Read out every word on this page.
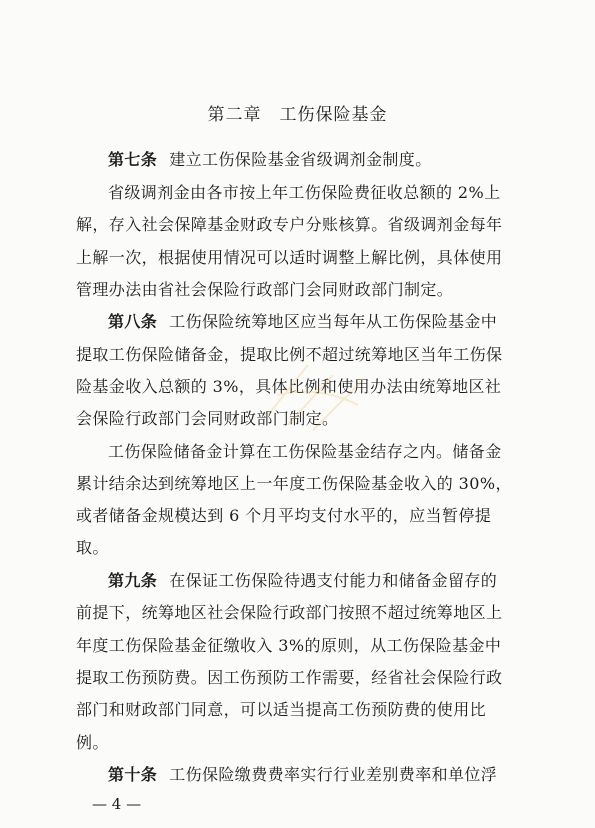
第二章　工伤保险基金
第七条 建立工伤保险基金省级调剂金制度。
省级调剂金由各市按上年工伤保险费征收总额的 2%上
解，存入社会保障基金财政专户分账核算。省级调剂金每年
上解一次，根据使用情况可以适时调整上解比例，具体使用
管理办法由省社会保险行政部门会同财政部门制定。
第八条 工伤保险统筹地区应当每年从工伤保险基金中
提取工伤保险储备金，提取比例不超过统筹地区当年工伤保
险基金收入总额的 3%，具体比例和使用办法由统筹地区社
会保险行政部门会同财政部门制定。
工伤保险储备金计算在工伤保险基金结存之内。储备金
累计结余达到统筹地区上一年度工伤保险基金收入的 30%，
或者储备金规模达到 6 个月平均支付水平的，应当暂停提
取。
第九条 在保证工伤保险待遇支付能力和储备金留存的
前提下，统筹地区社会保险行政部门按照不超过统筹地区上
年度工伤保险基金征缴收入 3%的原则，从工伤保险基金中
提取工伤预防费。因工伤预防工作需要，经省社会保险行政
部门和财政部门同意，可以适当提高工伤预防费的使用比
例。
第十条 工伤保险缴费费率实行行业差别费率和单位浮
— 4 —
